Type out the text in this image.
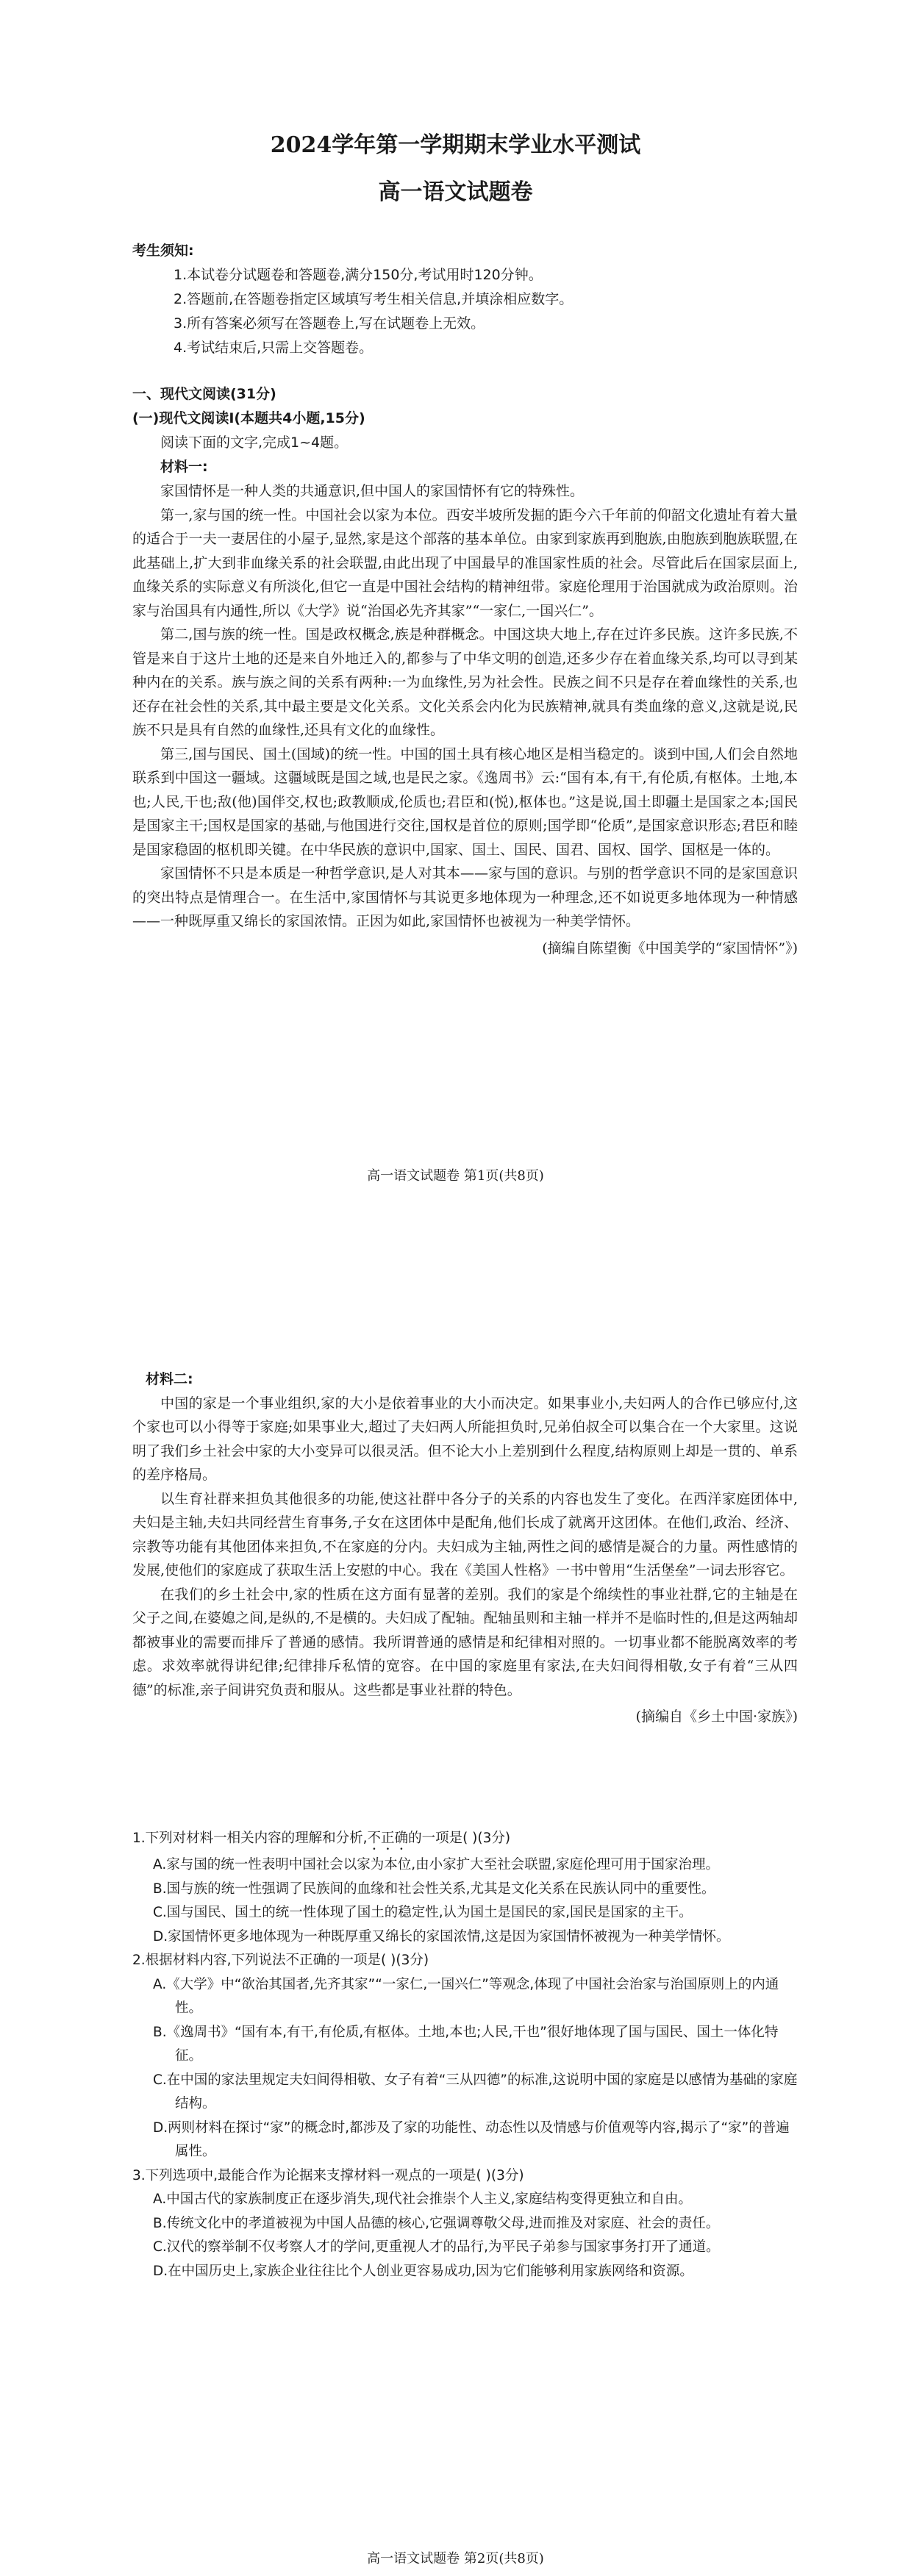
2024学年第一学期期末学业水平测试
高一语文试题卷

考生须知:

1.本试卷分试题卷和答题卷,满分150分,考试用时120分钟。

2.答题前,在答题卷指定区域填写考生相关信息,并填涂相应数字。

3.所有答案必须写在答题卷上,写在试题卷上无效。

4.考试结束后,只需上交答题卷。

一、现代文阅读(31分)

(一)现代文阅读Ⅰ(本题共4小题,15分)

阅读下面的文字,完成1~4题。

材料一:

家国情怀是一种人类的共通意识,但中国人的家国情怀有它的特殊性。

第一,家与国的统一性。中国社会以家为本位。西安半坡所发掘的距今六千年前的仰韶文化遗址有着大量的适合于一夫一妻居住的小屋子,显然,家是这个部落的基本单位。由家到家族再到胞族,由胞族到胞族联盟,在此基础上,扩大到非血缘关系的社会联盟,由此出现了中国最早的准国家性质的社会。尽管此后在国家层面上,血缘关系的实际意义有所淡化,但它一直是中国社会结构的精神纽带。家庭伦理用于治国就成为政治原则。治家与治国具有内通性,所以《大学》说“治国必先齐其家”“一家仁,一国兴仁”。

第二,国与族的统一性。国是政权概念,族是种群概念。中国这块大地上,存在过许多民族。这许多民族,不管是来自于这片土地的还是来自外地迁入的,都参与了中华文明的创造,还多少存在着血缘关系,均可以寻到某种内在的关系。族与族之间的关系有两种:一为血缘性,另为社会性。民族之间不只是存在着血缘性的关系,也还存在社会性的关系,其中最主要是文化关系。文化关系会内化为民族精神,就具有类血缘的意义,这就是说,民族不只是具有自然的血缘性,还具有文化的血缘性。

第三,国与国民、国土(国域)的统一性。中国的国土具有核心地区是相当稳定的。谈到中国,人们会自然地联系到中国这一疆域。这疆域既是国之域,也是民之家。《逸周书》云:“国有本,有干,有伦质,有枢体。土地,本也;人民,干也;敌(他)国伴交,权也;政教顺成,伦质也;君臣和(悦),枢体也。”这是说,国土即疆土是国家之本;国民是国家主干;国权是国家的基础,与他国进行交往,国权是首位的原则;国学即“伦质”,是国家意识形态;君臣和睦是国家稳固的枢机即关键。在中华民族的意识中,国家、国土、国民、国君、国权、国学、国枢是一体的。

家国情怀不只是本质是一种哲学意识,是人对其本——家与国的意识。与别的哲学意识不同的是家国意识的突出特点是情理合一。在生活中,家国情怀与其说更多地体现为一种理念,还不如说更多地体现为一种情感——一种既厚重又绵长的家国浓情。正因为如此,家国情怀也被视为一种美学情怀。

(摘编自陈望衡《中国美学的“家国情怀”》)

高一语文试题卷 第1页(共8页)

材料二:

中国的家是一个事业组织,家的大小是依着事业的大小而决定。如果事业小,夫妇两人的合作已够应付,这个家也可以小得等于家庭;如果事业大,超过了夫妇两人所能担负时,兄弟伯叔全可以集合在一个大家里。这说明了我们乡土社会中家的大小变异可以很灵活。但不论大小上差别到什么程度,结构原则上却是一贯的、单系的差序格局。

以生育社群来担负其他很多的功能,使这社群中各分子的关系的内容也发生了变化。在西洋家庭团体中,夫妇是主轴,夫妇共同经营生育事务,子女在这团体中是配角,他们长成了就离开这团体。在他们,政治、经济、宗教等功能有其他团体来担负,不在家庭的分内。夫妇成为主轴,两性之间的感情是凝合的力量。两性感情的发展,使他们的家庭成了获取生活上安慰的中心。我在《美国人性格》一书中曾用“生活堡垒”一词去形容它。

在我们的乡土社会中,家的性质在这方面有显著的差别。我们的家是个绵续性的事业社群,它的主轴是在父子之间,在婆媳之间,是纵的,不是横的。夫妇成了配轴。配轴虽则和主轴一样并不是临时性的,但是这两轴却都被事业的需要而排斥了普通的感情。我所谓普通的感情是和纪律相对照的。一切事业都不能脱离效率的考虑。求效率就得讲纪律;纪律排斥私情的宽容。在中国的家庭里有家法,在夫妇间得相敬,女子有着“三从四德”的标准,亲子间讲究负责和服从。这些都是事业社群的特色。

(摘编自《乡土中国·家族》)

1.下列对材料一相关内容的理解和分析,不正确的一项是( )(3分)

A.家与国的统一性表明中国社会以家为本位,由小家扩大至社会联盟,家庭伦理可用于国家治理。

B.国与族的统一性强调了民族间的血缘和社会性关系,尤其是文化关系在民族认同中的重要性。

C.国与国民、国土的统一性体现了国土的稳定性,认为国土是国民的家,国民是国家的主干。

D.家国情怀更多地体现为一种既厚重又绵长的家国浓情,这是因为家国情怀被视为一种美学情怀。

2.根据材料内容,下列说法不正确的一项是( )(3分)

A.《大学》中“欲治其国者,先齐其家”“一家仁,一国兴仁”等观念,体现了中国社会治家与治国原则上的内通性。

B.《逸周书》“国有本,有干,有伦质,有枢体。土地,本也;人民,干也”很好地体现了国与国民、国土一体化特征。

C.在中国的家法里规定夫妇间得相敬、女子有着“三从四德”的标准,这说明中国的家庭是以感情为基础的家庭结构。

D.两则材料在探讨“家”的概念时,都涉及了家的功能性、动态性以及情感与价值观等内容,揭示了“家”的普遍属性。

3.下列选项中,最能合作为论据来支撑材料一观点的一项是( )(3分)

A.中国古代的家族制度正在逐步消失,现代社会推崇个人主义,家庭结构变得更独立和自由。

B.传统文化中的孝道被视为中国人品德的核心,它强调尊敬父母,进而推及对家庭、社会的责任。

C.汉代的察举制不仅考察人才的学问,更重视人才的品行,为平民子弟参与国家事务打开了通道。

D.在中国历史上,家族企业往往比个人创业更容易成功,因为它们能够利用家族网络和资源。

高一语文试题卷 第2页(共8页)
